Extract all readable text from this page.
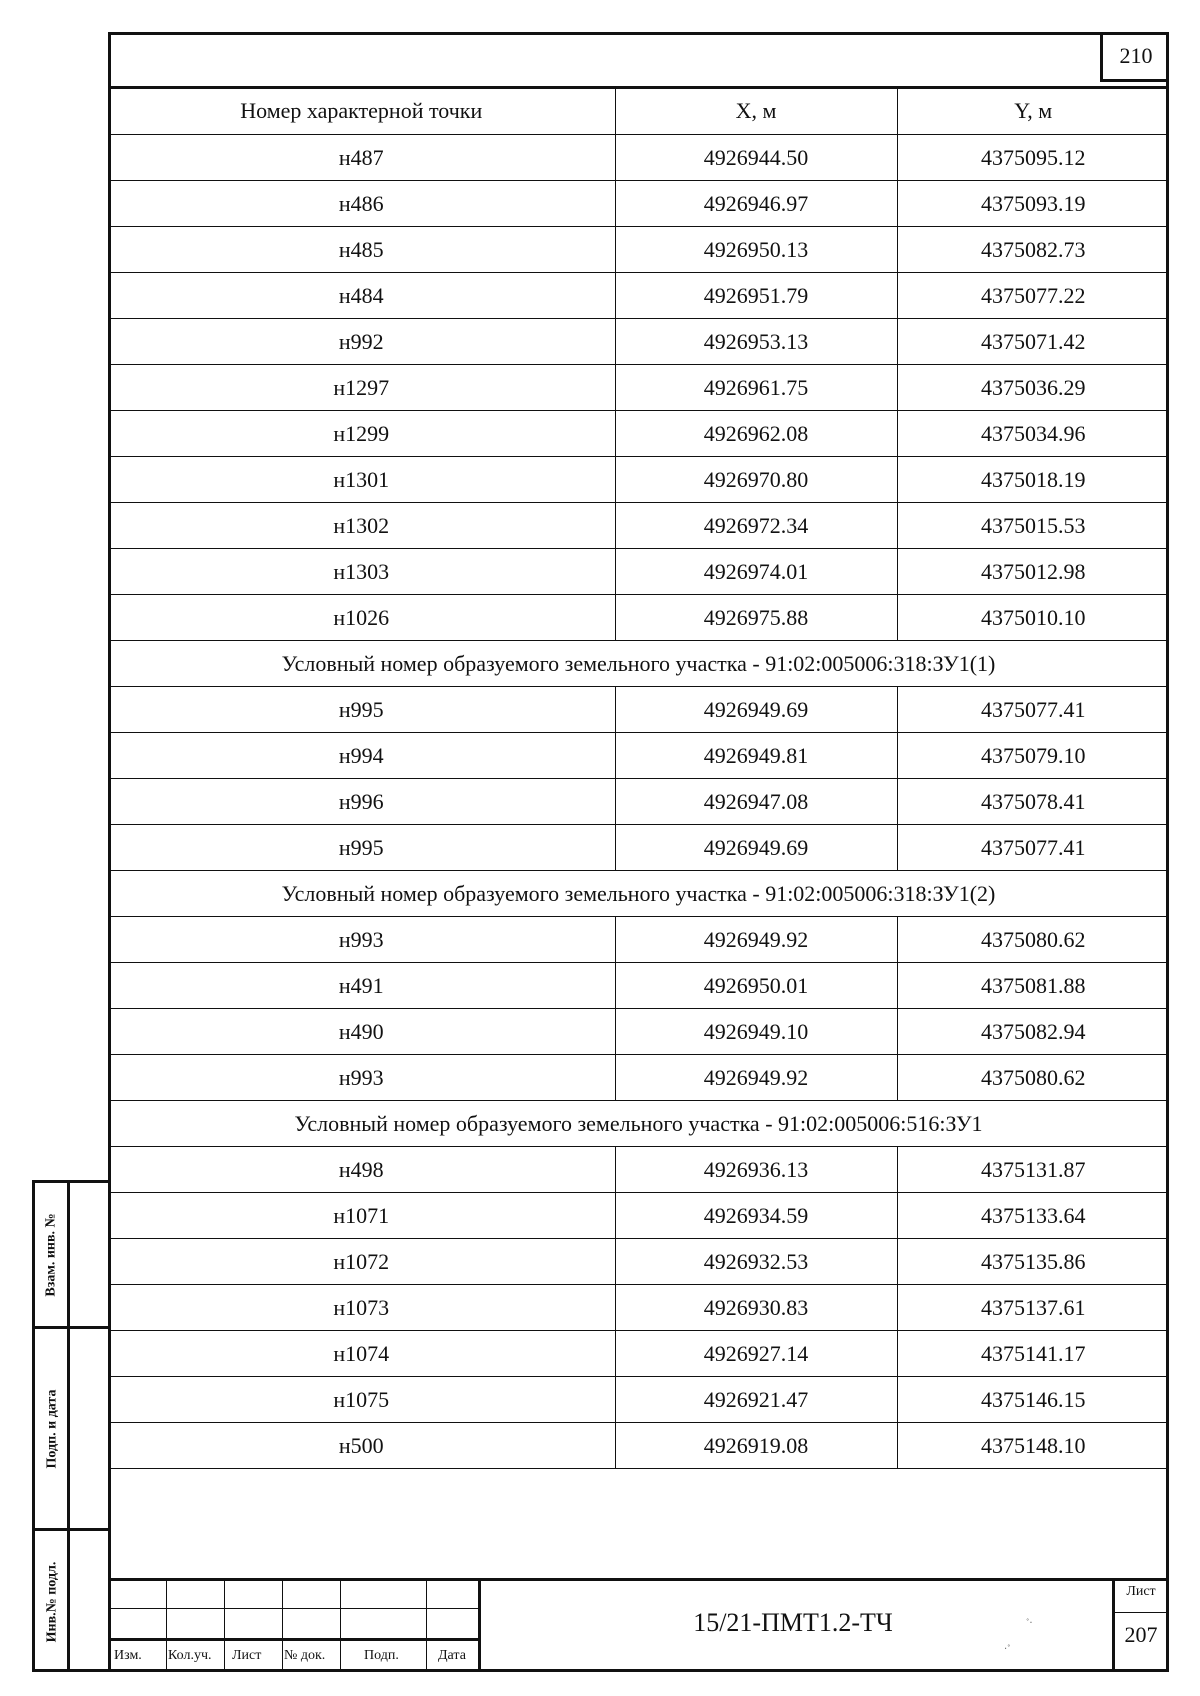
210
Номер характерной точки	X, м	Y, м
н487	4926944.50	4375095.12
н486	4926946.97	4375093.19
н485	4926950.13	4375082.73
н484	4926951.79	4375077.22
н992	4926953.13	4375071.42
н1297	4926961.75	4375036.29
н1299	4926962.08	4375034.96
н1301	4926970.80	4375018.19
н1302	4926972.34	4375015.53
н1303	4926974.01	4375012.98
н1026	4926975.88	4375010.10
Условный номер образуемого земельного участка - 91:02:005006:318:ЗУ1(1)		
н995	4926949.69	4375077.41
н994	4926949.81	4375079.10
н996	4926947.08	4375078.41
н995	4926949.69	4375077.41
Условный номер образуемого земельного участка - 91:02:005006:318:ЗУ1(2)		
н993	4926949.92	4375080.62
н491	4926950.01	4375081.88
н490	4926949.10	4375082.94
н993	4926949.92	4375080.62
Условный номер образуемого земельного участка - 91:02:005006:516:ЗУ1		
н498	4926936.13	4375131.87
н1071	4926934.59	4375133.64
н1072	4926932.53	4375135.86
н1073	4926930.83	4375137.61
н1074	4926927.14	4375141.17
н1075	4926921.47	4375146.15
н500	4926919.08	4375148.10
Взам. инв. №
Подп. и дата
Инв.№ подл.
Изм. Кол.уч. Лист № док.	Подп.	Дата
15/21-ПМТ1.2-ТЧ
Лист
207
˚‧
‧˚
